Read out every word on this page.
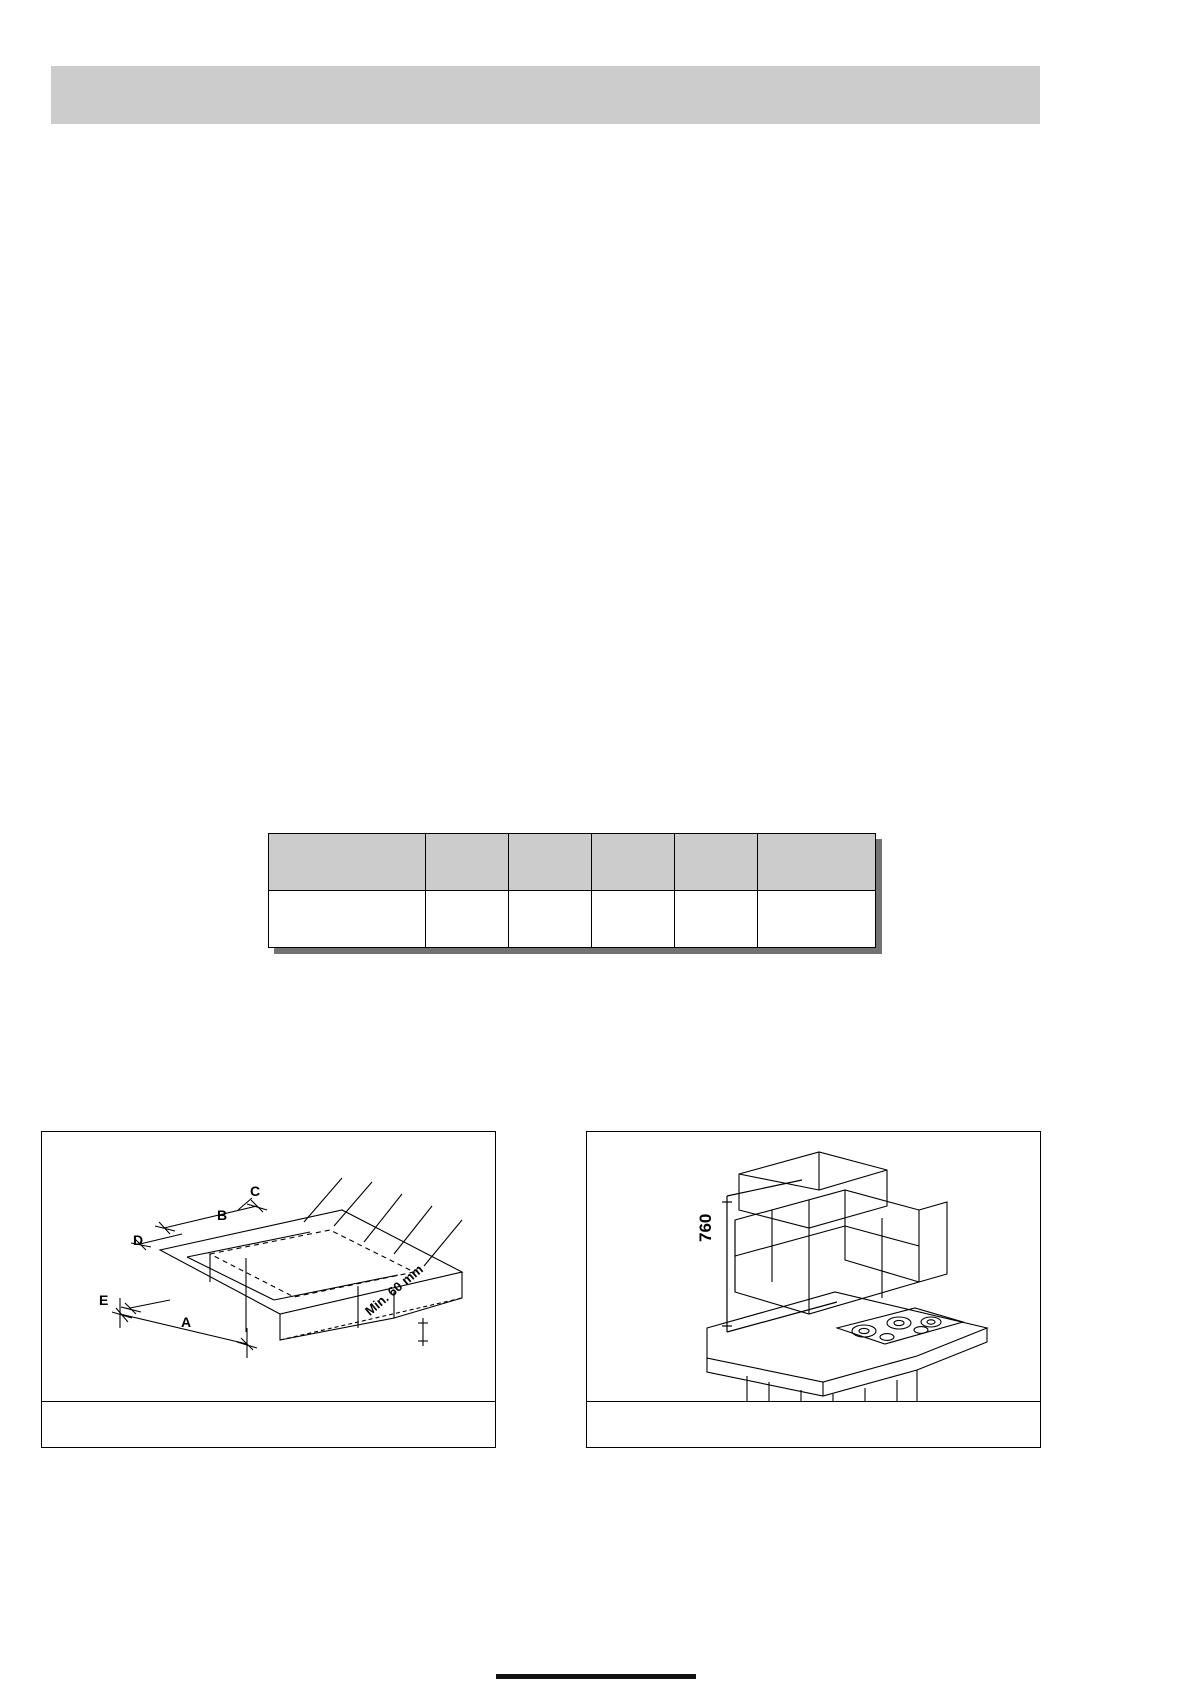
C
B
D
E
A
Min. 60 mm
760
